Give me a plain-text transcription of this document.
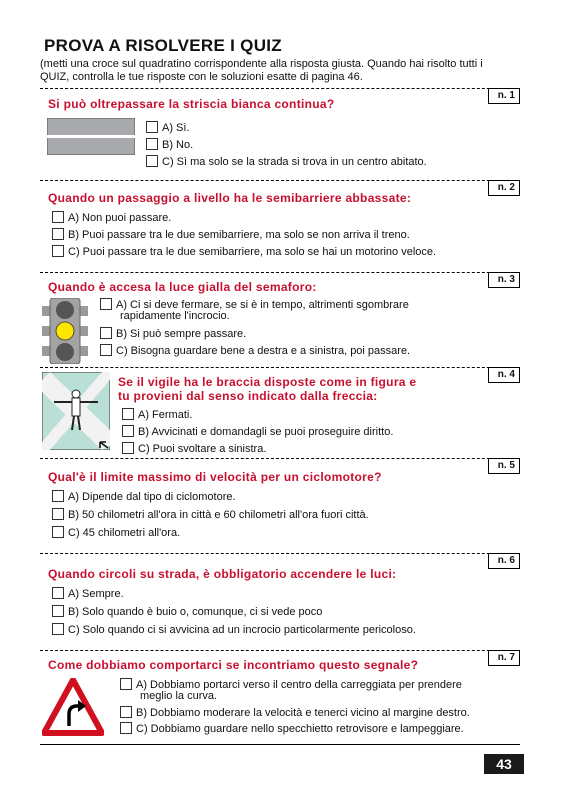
PROVA A RISOLVERE I QUIZ
(metti una croce sul quadratino corrispondente alla risposta giusta. Quando hai risolto tutti i QUIZ, controlla le tue risposte con le soluzioni esatte di pagina 46.
n. 1
Si può oltrepassare la striscia bianca continua?
A) Sì.
B) No.
C) Sì ma solo se la strada si trova in un centro abitato.
n. 2
Quando un passaggio a livello ha le semibarriere abbassate:
A) Non puoi passare.
B) Puoi passare tra le due semibarriere, ma solo se non arriva il treno.
C) Puoi passare tra le due semibarriere, ma solo se hai un motorino veloce.
n. 3
Quando è accesa la luce gialla del semaforo:
A) Ci si deve fermare, se si è in tempo, altrimenti sgombrare
rapidamente l'incrocio.
B) Si può sempre passare.
C) Bisogna guardare bene a destra e a sinistra, poi passare.
n. 4
Se il vigile ha le braccia disposte come in figura e
tu provieni dal senso indicato dalla freccia:
A) Fermati.
B) Avvicinati e domandagli se puoi proseguire diritto.
C) Puoi svoltare a sinistra.
n. 5
Qual'è il limite massimo di velocità per un ciclomotore?
A) Dipende dal tipo di ciclomotore.
B) 50 chilometri all'ora in città e 60 chilometri all'ora fuori città.
C) 45 chilometri all'ora.
n. 6
Quando circoli su strada, è obbligatorio accendere le luci:
A) Sempre.
B) Solo quando è buio o, comunque, ci si vede poco
C) Solo quando ci si avvicina ad un incrocio particolarmente pericoloso.
n. 7
Come dobbiamo comportarci se incontriamo questo segnale?
A) Dobbiamo portarci verso il centro della carreggiata per prendere
meglio la curva.
B) Dobbiamo moderare la velocità e tenerci vicino al margine destro.
C) Dobbiamo guardare nello specchietto retrovisore e lampeggiare.
43
